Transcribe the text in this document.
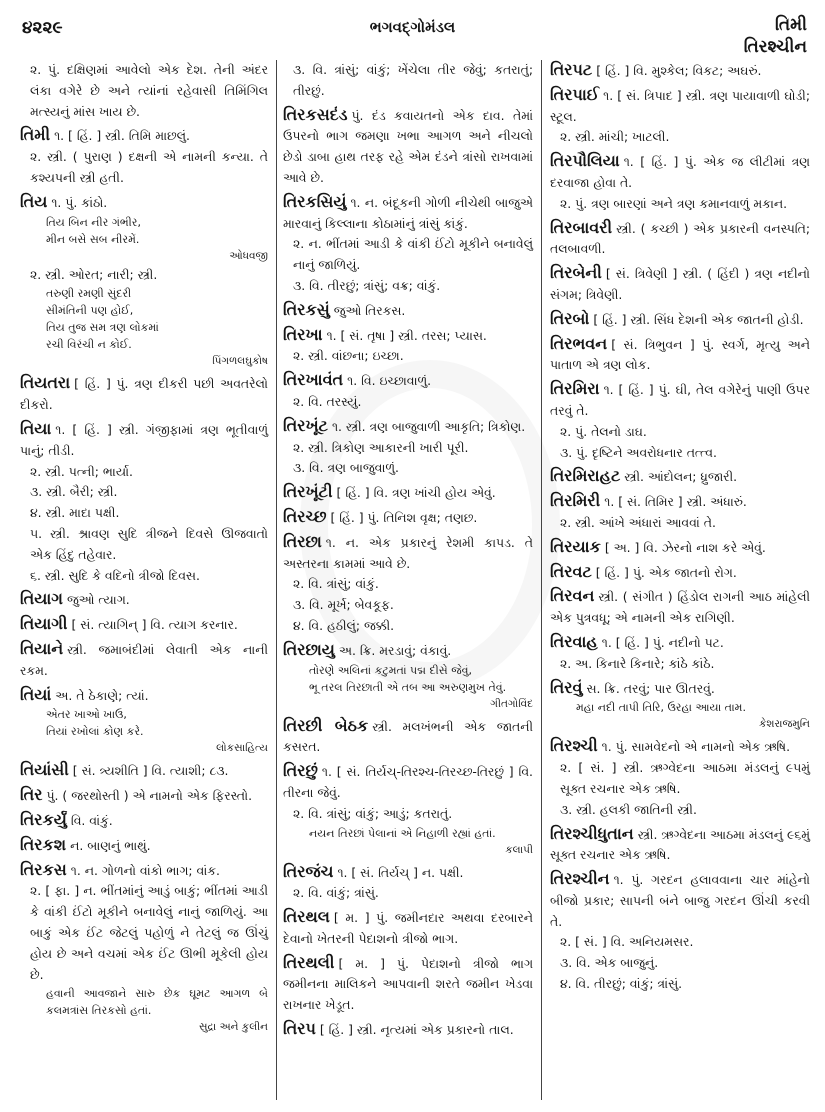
૪૨૨૯	ભગવદ્ગોમંડલ	તિમી
તિરશ્ચીન
૨. પું. દક્ષિણમાં આવેલો એક દેશ. તેની અંદર લંકા વગેરે છે અને ત્યાંનાં રહેવાસી તિમિંગિલ મત્સ્યનું માંસ ખાય છે.
તિમી ૧. [ હિં. ] સ્ત્રી. તિમિ માછલું.
૨. સ્ત્રી. ( પુરાણ ) દક્ષની એ નામની કન્યા. તે કશ્યપની સ્ત્રી હતી.
તિય ૧. પું. કાંઠો.
તિય બિન નીર ગંભીર,
મીન બસે સબ નીરમેં.
ઓધવજી
૨. સ્ત્રી. ઓરત; નારી; સ્ત્રી.
તરુણી રમણી સુંદરી
સીમંતિની પણ હોઈ,
તિય તુજ સમ ત્રણ લોકમાં
રચી વિરંચી ન કોઈ.
પિંગળલઘુકોષ
તિયતરા [ હિં. ] પું. ત્રણ દીકરી પછી અવતરેલો દીકરો.
તિયા ૧. [ હિં. ] સ્ત્રી. ગંજીફામાં ત્રણ ભૂતીવાળું પાનું; તીડી.
૨. સ્ત્રી. પત્ની; ભાર્યા.
૩. સ્ત્રી. બૈરી; સ્ત્રી.
૪. સ્ત્રી. માદા પક્ષી.
૫. સ્ત્રી. શ્રાવણ સુદિ ત્રીજને દિવસે ઊજવાતો એક હિંદુ તહેવાર.
૬. સ્ત્રી. સુદિ કે વદિનો ત્રીજો દિવસ.
તિયાગ જુઓ ત્યાગ.
તિયાગી [ સં. ત્યાગિન્ ] વિ. ત્યાગ કરનાર.
તિયાને સ્ત્રી. જમાબંદીમાં લેવાતી એક નાની રકમ.
તિયાં અ. તે ઠેકાણે; ત્યાં.
એતર ખાઓ ખાઉ,
તિયાં રખોલાં કોણ કરે.
લોકસાહિત્ય
તિયાંસી [ સં. ત્ર્યશીતિ ] વિ. ત્યાશી; ૮૩.
તિર પું. ( જરથોસ્તી ) એ નામનો એક ફિરસ્તો.
તિરકર્યું વિ. વાંકું.
તિરકશ ન. બાણનું ભાથું.
તિરકસ ૧. ન. ગોળનો વાંકો ભાગ; વાંક.
૨. [ ફા. ] ન. ભીંતમાંનું આડું બાકું; ભીંતમાં આડી કે વાંકી ઈંટો મૂકીને બનાવેલું નાનું જાળિયું. આ બાકું એક ઈંટ જેટલું પહોળું ને તેટલું જ ઊંચું હોય છે અને વચમાં એક ઈંટ ઊભી મૂકેલી હોય છે.
હવાની આવજાને સારુ છેક ઘૂમટ આગળ બે કલમત્રાંસ તિરકસો હતાં.
સુદ્રા અને કુલીન
૩. વિ. ત્રાંસું; વાંકું; ખેંચેલા તીર જેવું; કતરાતું; તીરછું.
તિરકસદંડ પું. દંડ કવાયતનો એક દાવ. તેમાં ઉપરનો ભાગ જમણા ખભા આગળ અને નીચલો છેડો ડાબા હાથ તરફ રહે એમ દંડને ત્રાંસો રાખવામાં આવે છે.
તિરકસિયું ૧. ન. બંદૂકની ગોળી નીચેથી બાજુએ મારવાનું કિલ્લાના કોઠામાંનું ત્રાંસું કાંકું.
૨. ન. ભીંતમાં આડી કે વાંકી ઈંટો મૂકીને બનાવેલું નાનું જાળિયું.
૩. વિ. તીરછું; ત્રાંસું; વક્ર; વાંકું.
તિરકસું જુઓ તિરકસ.
તિરખા ૧. [ સં. તૃષા ] સ્ત્રી. તરસ; પ્યાસ.
૨. સ્ત્રી. વાંછના; ઇચ્છા.
તિરખાવંત ૧. વિ. ઇચ્છાવાળું.
૨. વિ. તરસ્યું.
તિરખૂંટ ૧. સ્ત્રી. ત્રણ બાજુવાળી આકૃતિ; ત્રિકોણ.
૨. સ્ત્રી. ત્રિકોણ આકારની ખારી પૂરી.
૩. વિ. ત્રણ બાજુવાળું.
તિરખૂંટી [ હિં. ] વિ. ત્રણ ખાંચી હોય એવું.
તિરચ્છ [ હિં. ] પું. તિનિશ વૃક્ષ; તણછ.
તિરછા ૧. ન. એક પ્રકારનું રેશમી કાપડ. તે અસ્તરના કામમાં આવે છે.
૨. વિ. ત્રાંસું; વાંકું.
૩. વિ. મૂર્ખ; બેવકૂફ.
૪. વિ. હઠીલું; જક્કી.
તિરછાયુ અ. ક્રિ. મરડાવું; વંકાવું.
તોરણે અલિનાં કટુમતાં પદ્મ દીસે જેવું,
ભૂ તરલ તિરછાતી એ તબ આ અરુણમુખ તેવું.
ગીતગોવિંદ
તિરછી બેઠક સ્ત્રી. મલખંભની એક જાતની કસરત.
તિરછું ૧. [ સં. તિર્યચ્-તિરશ્ચ-તિરચ્છ-તિરછું ] વિ. તીરના જેવું.
૨. વિ. ત્રાંસું; વાંકું; આડું; કતરાતું.
નયન તિરછાં પેલાનાં એ નિહાળી રહ્યાં હતાં.
કલાપી
તિરજંચ ૧. [ સં. તિર્યચ્ ] ન. પક્ષી.
૨. વિ. વાંકું; ત્રાંસું.
તિરથલ [ મ. ] પું. જમીનદાર અથવા દરબારને દેવાનો ખેતરની પેદાશનો ત્રીજો ભાગ.
તિરથલી [ મ. ] પું. પેદાશનો ત્રીજો ભાગ જમીનના માલિકને આપવાની શરતે જમીન ખેડવા રાખનાર ખેડૂત.
તિરપ [ હિં. ] સ્ત્રી. નૃત્યમાં એક પ્રકારનો તાલ.
તિરપટ [ હિં. ] વિ. મુશ્કેલ; વિકટ; અઘરું.
તિરપાઈ ૧. [ સં. ત્રિપાદ ] સ્ત્રી. ત્રણ પાયાવાળી ઘોડી; સ્ટૂલ.
૨. સ્ત્રી. માંચી; ખાટલી.
તિરપૌલિયા ૧. [ હિં. ] પું. એક જ લીટીમાં ત્રણ દરવાજા હોવા તે.
૨. પું. ત્રણ બારણાં અને ત્રણ કમાનવાળું મકાન.
તિરબાવરી સ્ત્રી. ( કચ્છી ) એક પ્રકારની વનસ્પતિ; તલબાવળી.
તિરબેની [ સં. ત્રિવેણી ] સ્ત્રી. ( હિંદી ) ત્રણ નદીનો સંગમ; ત્રિવેણી.
તિરબો [ હિં. ] સ્ત્રી. સિંધ દેશની એક જાતની હોડી.
તિરભવન [ સં. ત્રિભુવન ] પું. સ્વર્ગ, મૃત્યુ અને પાતાળ એ ત્રણ લોક.
તિરમિરા ૧. [ હિં. ] પું. ઘી, તેલ વગેરેનું પાણી ઉપર તરવું તે.
૨. પું. તેલનો ડાઘ.
૩. પું. દૃષ્ટિને અવરોધનાર તત્ત્વ.
તિરમિરાહટ સ્ત્રી. આંદોલન; ધ્રુજારી.
તિરમિરી ૧. [ સં. તિમિર ] સ્ત્રી. અંધારું.
૨. સ્ત્રી. આંખે અંધારાં આવવાં તે.
તિરયાક [ અ. ] વિ. ઝેરનો નાશ કરે એવું.
તિરવટ [ હિં. ] પું. એક જાતનો રોગ.
તિરવન સ્ત્રી. ( સંગીત ) હિંડોલ રાગની આઠ માંહેલી એક પુત્રવધૂ; એ નામની એક રાગિણી.
તિરવાહ ૧. [ હિં. ] પું. નદીનો પટ.
૨. અ. કિનારે કિનારે; કાંઠે કાંઠે.
તિરવું સ. ક્રિ. તરવું; પાર ઊતરવું.
મહા નદી તાપી તિરિ, ઉરહા આયા તામ.
કેશરાજમુનિ
તિરશ્ચી ૧. પું. સામવેદનો એ નામનો એક ઋષિ.
૨. [ સં. ] સ્ત્રી. ઋગ્વેદના આઠમા મંડલનું ૯૫મું સૂક્ત રચનાર એક ઋષિ.
૩. સ્ત્રી. હલકી જાતિની સ્ત્રી.
તિરશ્ચીધુતાન સ્ત્રી. ઋગ્વેદના આઠમા મંડલનું ૯૬મું સૂક્ત રચનાર એક ઋષિ.
તિરશ્ચીન ૧. પું. ગરદન હલાવવાના ચાર માંહેનો બીજો પ્રકાર; સાપની બંને બાજુ ગરદન ઊંચી કરવી તે.
૨. [ સં. ] વિ. અનિયમસર.
૩. વિ. એક બાજુનું.
૪. વિ. તીરછું; વાંકું; ત્રાંસું.
